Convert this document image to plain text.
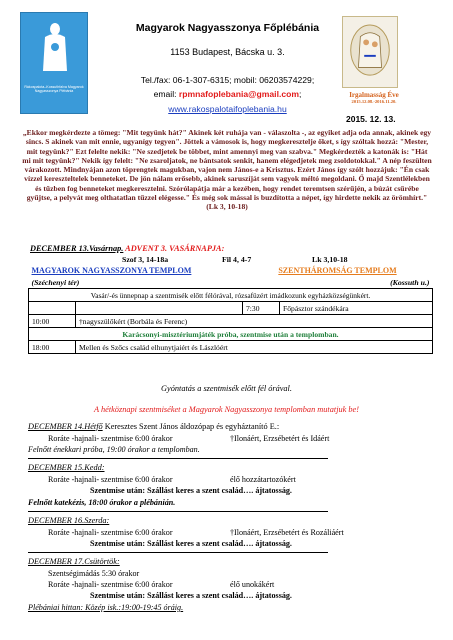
Rákospalota–Kossuthfalva Magyarok Nagyasszonya Plébánia
Magyarok Nagyasszonya Főplébánia
1153 Budapest, Bácska u. 3.
Tel./fax: 06-1-307-6315; mobil: 06203574229;
email: rpmnafoplebania@gmail.com;
www.rakospalotaifoplebania.hu
Irgalmasság Éve
2015.12.08.-2016.11.20.
2015. 12. 13.
„Ekkor megkérdezte a tömeg: "Mit tegyünk hát?" Akinek két ruhája van - válaszolta -, az egyiket adja oda annak, akinek egy sincs. S akinek van mit ennie, ugyanígy tegyen". Jöttek a vámosok is, hogy megkeresztelje őket, s így szóltak hozzá: "Mester, mit tegyünk?" Ezt felelte nekik: "Ne szedjetek be többet, mint amennyi meg van szabva." Megkérdezték a katonák is: "Hát mi mit tegyünk?" Nekik így felelt: "Ne zsaroljatok, ne bántsatok senkit, hanem elégedjetek meg zsoldotokkal." A nép feszülten várakozott. Mindnyájan azon töprengtek magukban, vajon nem János-e a Krisztus. Ezért János így szólt hozzájuk: "Én csak vízzel kereszteltelek benneteket. De jön nálam erősebb, akinek saruszíját sem vagyok méltó megoldani. Ő majd Szentlélekben és tűzben fog benneteket megkeresztelni. Szórólapátja már a kezében, hogy rendet teremtsen szérűjén, a búzát csűrébe gyűjtse, a pelyvát meg olthatatlan tűzzel elégesse." És még sok mással is buzdította a népet, így hirdette nekik az örömhírt."
(Lk 3, 10-18)
DECEMBER 13.Vasárnap. ADVENT 3. VASÁRNAPJA:
Szof 3, 14-18a	Fil 4, 4-7	Lk 3,10-18
MAGYAROK NAGYASSZONYA TEMPLOM		SZENTHÁROMSÁG TEMPLOM	
(Széchenyi tér)		(Kossuth u.)	
Vasár/-és ünnepnap a szentmisék előtt félórával, rózsafüzért imádkozunk egyházközségünkért.			
		7:30	Főpásztor szándékára
10:00	†nagyszülőkért (Borbála és Ferenc)		
Karácsonyi-misztériumjáték próba, szentmise után a templomban.			
18:00	Mellen és Szőcs család elhunytjaiért és Lászlóért		
Gyóntatás a szentmisék előtt fél órával.
A hétköznapi szentmiséket a Magyarok Nagyasszonya templomban mutatjuk be!
DECEMBER 14.Hétfő Keresztes Szent János áldozópap és egyháztanító E.:
Roráte -hajnali- szentmise 6:00 órakor	†Ilonáért, Erzsébetért és Idáért
Felnőtt énekkari próba, 19:00 órakor a templomban.
DECEMBER 15.Kedd:
Roráte -hajnali- szentmise 6:00 órakor	élő hozzátartozókért
Szentmise után: Szállást keres a szent család…. ájtatosság.
Felnőtt katekézis, 18:00 órakor a plébánián.
DECEMBER 16.Szerda:
Roráte -hajnali- szentmise 6:00 órakor	†Ilonáért, Erzsébetért és Rozáliáért
Szentmise után: Szállást keres a szent család…. ájtatosság.
DECEMBER 17.Csütörtök:
Szentségimádás 5:30 órakor
Roráte -hajnali- szentmise 6:00 órakor	élő unokákért
Szentmise után: Szállást keres a szent család…. ájtatosság.
Plébániai hittan: Közép isk.:19:00-19:45 óráig.
